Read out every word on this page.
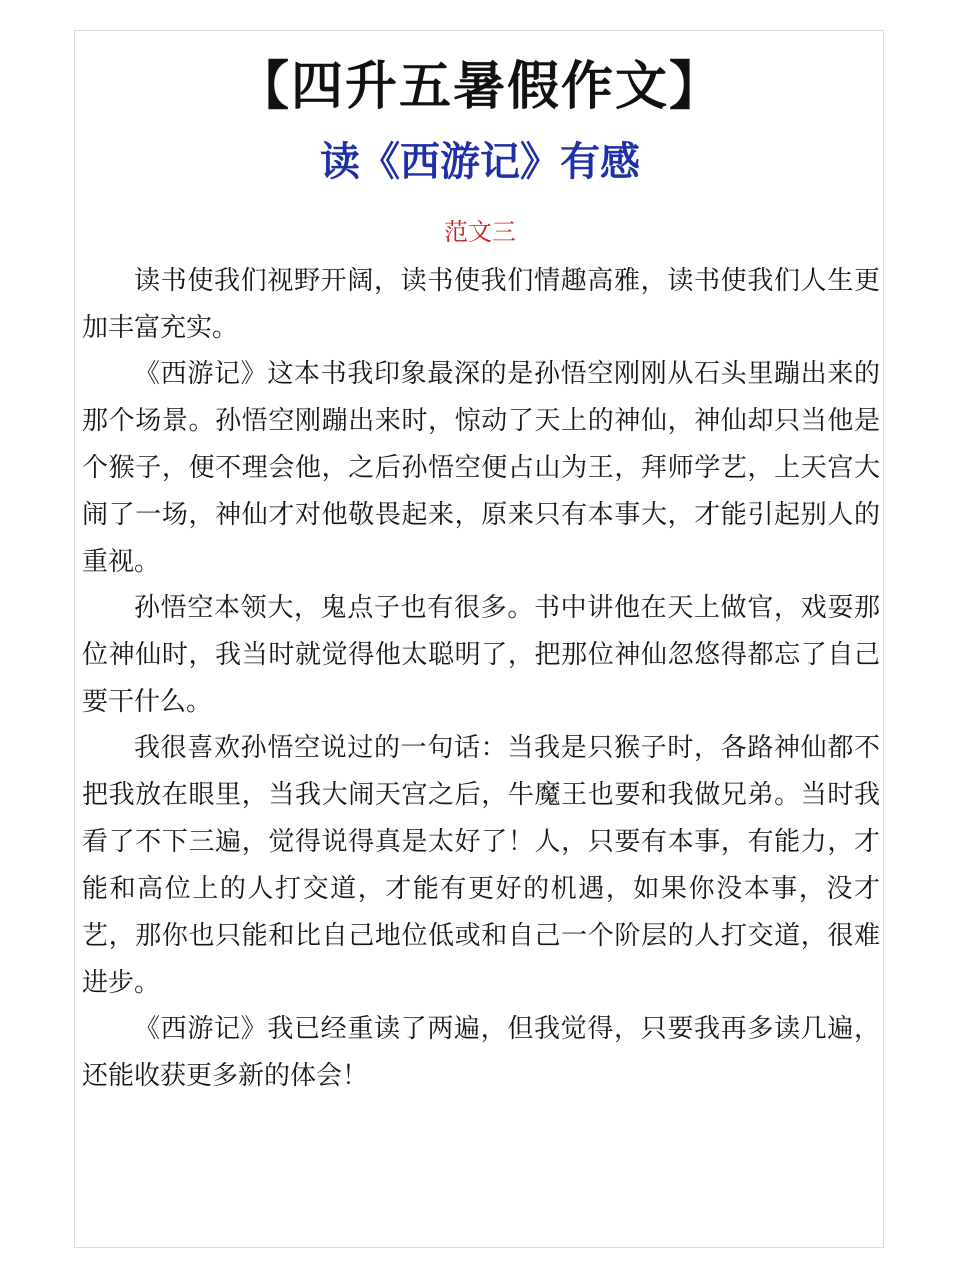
【四升五暑假作文】
读《西游记》有感
范文三

读书使我们视野开阔，读书使我们情趣高雅，读书使我们人生更加丰富充实。

《西游记》这本书我印象最深的是孙悟空刚刚从石头里蹦出来的那个场景。孙悟空刚蹦出来时，惊动了天上的神仙，神仙却只当他是个猴子，便不理会他，之后孙悟空便占山为王，拜师学艺，上天宫大闹了一场，神仙才对他敬畏起来，原来只有本事大，才能引起别人的重视。

孙悟空本领大，鬼点子也有很多。书中讲他在天上做官，戏耍那位神仙时，我当时就觉得他太聪明了，把那位神仙忽悠得都忘了自己要干什么。

我很喜欢孙悟空说过的一句话：当我是只猴子时，各路神仙都不把我放在眼里，当我大闹天宫之后，牛魔王也要和我做兄弟。当时我看了不下三遍，觉得说得真是太好了！人，只要有本事，有能力，才能和高位上的人打交道，才能有更好的机遇，如果你没本事，没才艺，那你也只能和比自己地位低或和自己一个阶层的人打交道，很难进步。

《西游记》我已经重读了两遍，但我觉得，只要我再多读几遍，还能收获更多新的体会！
